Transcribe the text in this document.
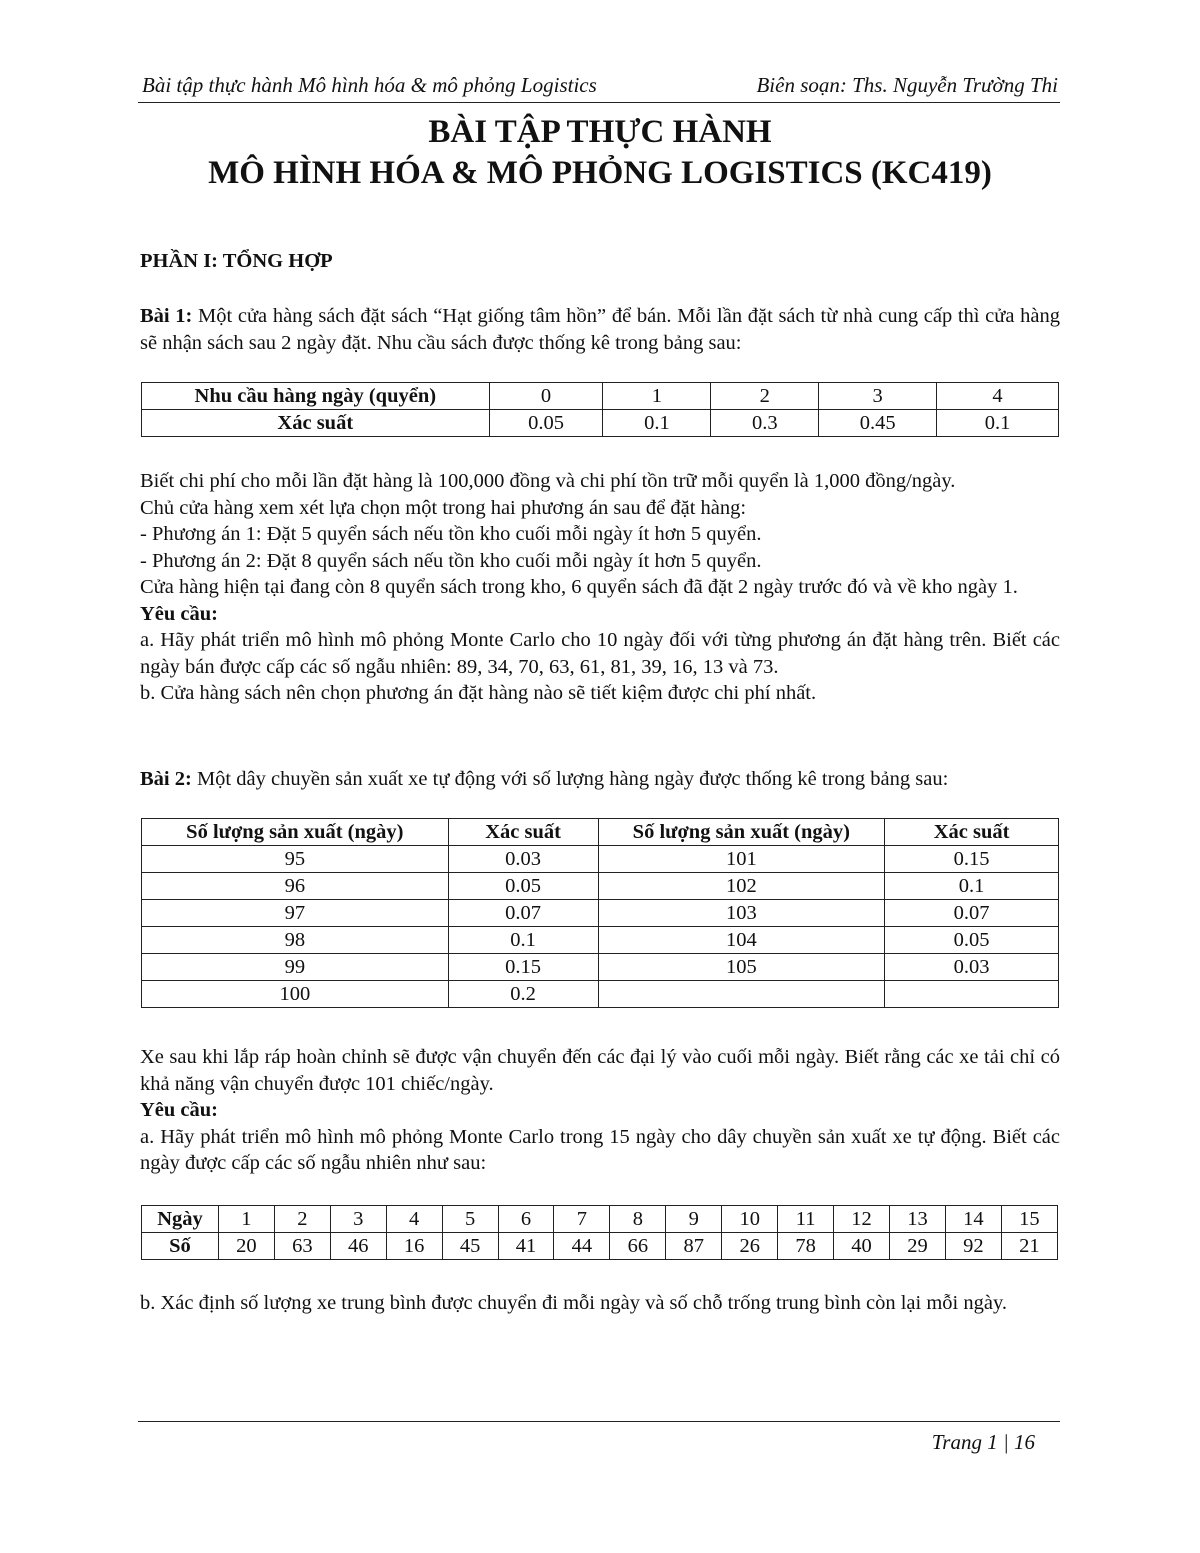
Bài tập thực hành Mô hình hóa & mô phỏng Logistics	Biên soạn: Ths. Nguyễn Trường Thi
BÀI TẬP THỰC HÀNH
MÔ HÌNH HÓA & MÔ PHỎNG LOGISTICS (KC419)
PHẦN I: TỔNG HỢP
Bài 1: Một cửa hàng sách đặt sách “Hạt giống tâm hồn” để bán. Mỗi lần đặt sách từ nhà cung cấp thì cửa hàng sẽ nhận sách sau 2 ngày đặt. Nhu cầu sách được thống kê trong bảng sau:
Nhu cầu hàng ngày (quyển)	0	1	2	3	4
Xác suất	0.05	0.1	0.3	0.45	0.1
Biết chi phí cho mỗi lần đặt hàng là 100,000 đồng và chi phí tồn trữ mỗi quyển là 1,000 đồng/ngày.
Chủ cửa hàng xem xét lựa chọn một trong hai phương án sau để đặt hàng:
- Phương án 1: Đặt 5 quyển sách nếu tồn kho cuối mỗi ngày ít hơn 5 quyển.
- Phương án 2: Đặt 8 quyển sách nếu tồn kho cuối mỗi ngày ít hơn 5 quyển.
Cửa hàng hiện tại đang còn 8 quyển sách trong kho, 6 quyển sách đã đặt 2 ngày trước đó và về kho ngày 1.
Yêu cầu:
a. Hãy phát triển mô hình mô phỏng Monte Carlo cho 10 ngày đối với từng phương án đặt hàng trên. Biết các ngày bán được cấp các số ngẫu nhiên: 89, 34, 70, 63, 61, 81, 39, 16, 13 và 73.
b. Cửa hàng sách nên chọn phương án đặt hàng nào sẽ tiết kiệm được chi phí nhất.
Bài 2: Một dây chuyền sản xuất xe tự động với số lượng hàng ngày được thống kê trong bảng sau:
Số lượng sản xuất (ngày)	Xác suất	Số lượng sản xuất (ngày)	Xác suất
95	0.03	101	0.15
96	0.05	102	0.1
97	0.07	103	0.07
98	0.1	104	0.05
99	0.15	105	0.03
100	0.2		
Xe sau khi lắp ráp hoàn chỉnh sẽ được vận chuyển đến các đại lý vào cuối mỗi ngày. Biết rằng các xe tải chỉ có khả năng vận chuyển được 101 chiếc/ngày.
Yêu cầu:
a. Hãy phát triển mô hình mô phỏng Monte Carlo trong 15 ngày cho dây chuyền sản xuất xe tự động. Biết các ngày được cấp các số ngẫu nhiên như sau:
Ngày	1	2	3	4	5	6	7	8	9	10	11	12	13	14	15
Số	20	63	46	16	45	41	44	66	87	26	78	40	29	92	21
b. Xác định số lượng xe trung bình được chuyển đi mỗi ngày và số chỗ trống trung bình còn lại mỗi ngày.
Trang 1 | 16
